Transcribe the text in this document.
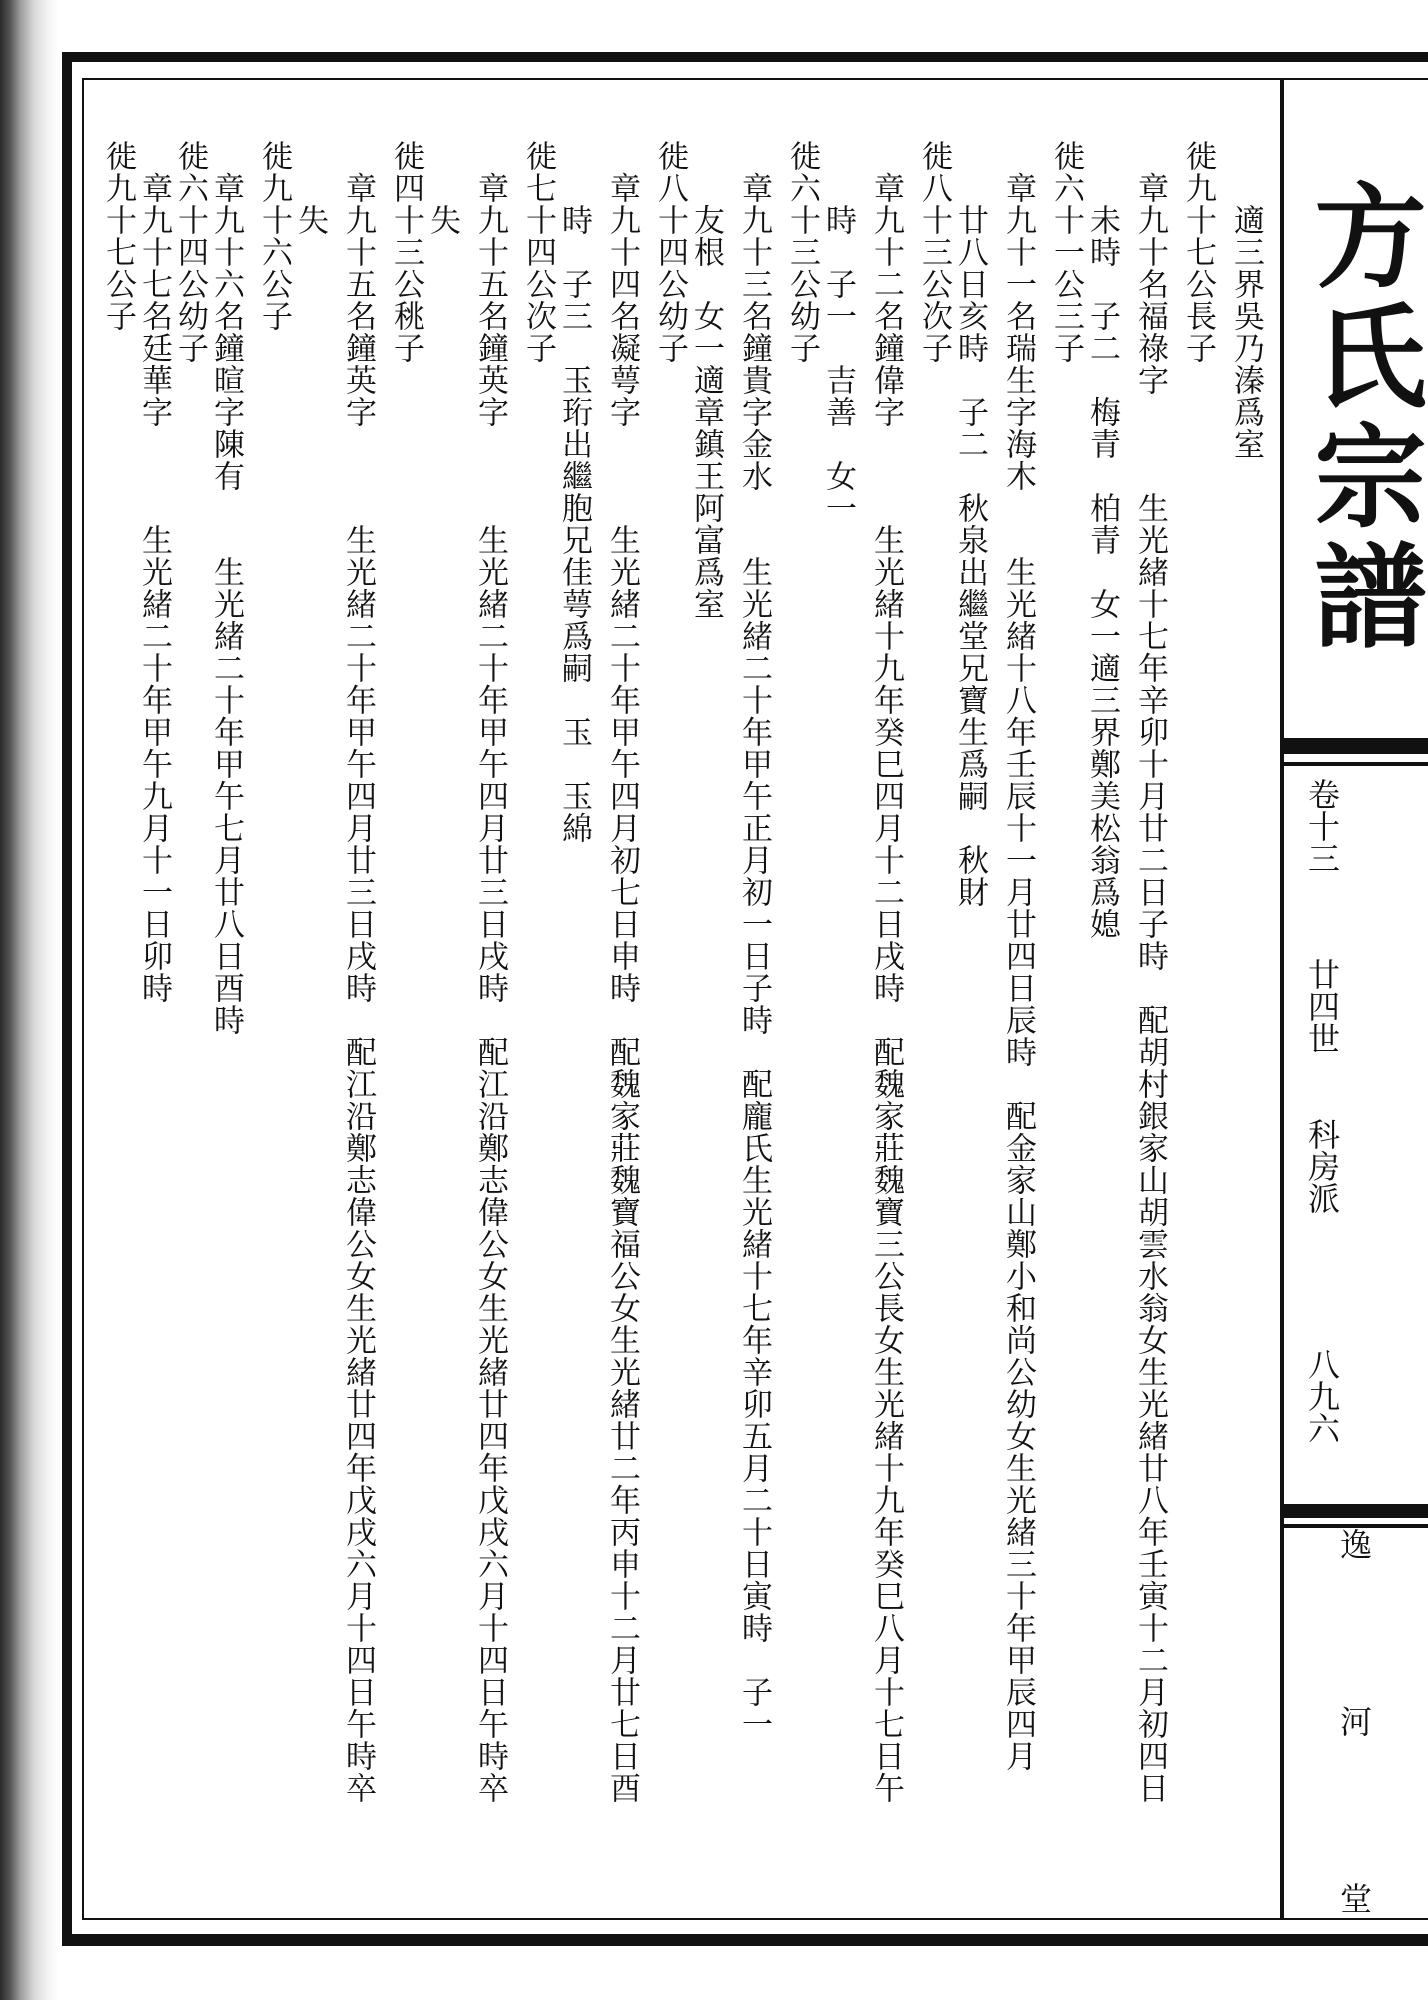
　　適三界吳乃溱爲室
徙九十七公長子
　章九十名福祿字　　　生光緒十七年辛卯十月廿二日子時　配胡村銀家山胡雲水翁女生光緒廿八年壬寅十二月初四日
　　未時　子二　梅青　柏青　女一適三界鄭美松翁爲媳
徙六十一公三子
　章九十一名瑞生字海木　　生光緒十八年壬辰十一月廿四日辰時　配金家山鄭小和尚公幼女生光緒三十年甲辰四月
　　廿八日亥時　子二　秋泉出繼堂兄寶生爲嗣　秋財
徙八十三公次子
　章九十二名鐘偉字　　　生光緒十九年癸巳四月十二日戌時　配魏家莊魏寶三公長女生光緒十九年癸巳八月十七日午
　　時　子一　吉善　女一
徙六十三公幼子
　章九十三名鐘貴字金水　　生光緒二十年甲午正月初一日子時　配龐氏生光緒十七年辛卯五月二十日寅時　子一
　　友根　女一適章鎮王阿富爲室
徙八十四公幼子
　章九十四名凝萼字　　　生光緒二十年甲午四月初七日申時　配魏家莊魏寶福公女生光緒廿二年丙申十二月廿七日酉
　　時　子三　玉珩出繼胞兄佳萼爲嗣　玉　玉綿
徙七十四公次子
　章九十五名鐘英字　　　生光緒二十年甲午四月廿三日戌時　配江沿鄭志偉公女生光緒廿四年戊戌六月十四日午時卒
　　失
徙四十三公䄻子
　章九十五名鐘英字　　　生光緒二十年甲午四月廿三日戌時　配江沿鄭志偉公女生光緒廿四年戊戌六月十四日午時卒
　　失
徙九十六公子
　章九十六名鐘暄字陳有　　生光緒二十年甲午七月廿八日酉時
徙六十四公幼子
　章九十七名廷華字　　　生光緒二十年甲午九月十一日卯時
徙九十七公子	方氏宗譜
卷十三
廿四世
科房派
八九六
逸
河
堂
